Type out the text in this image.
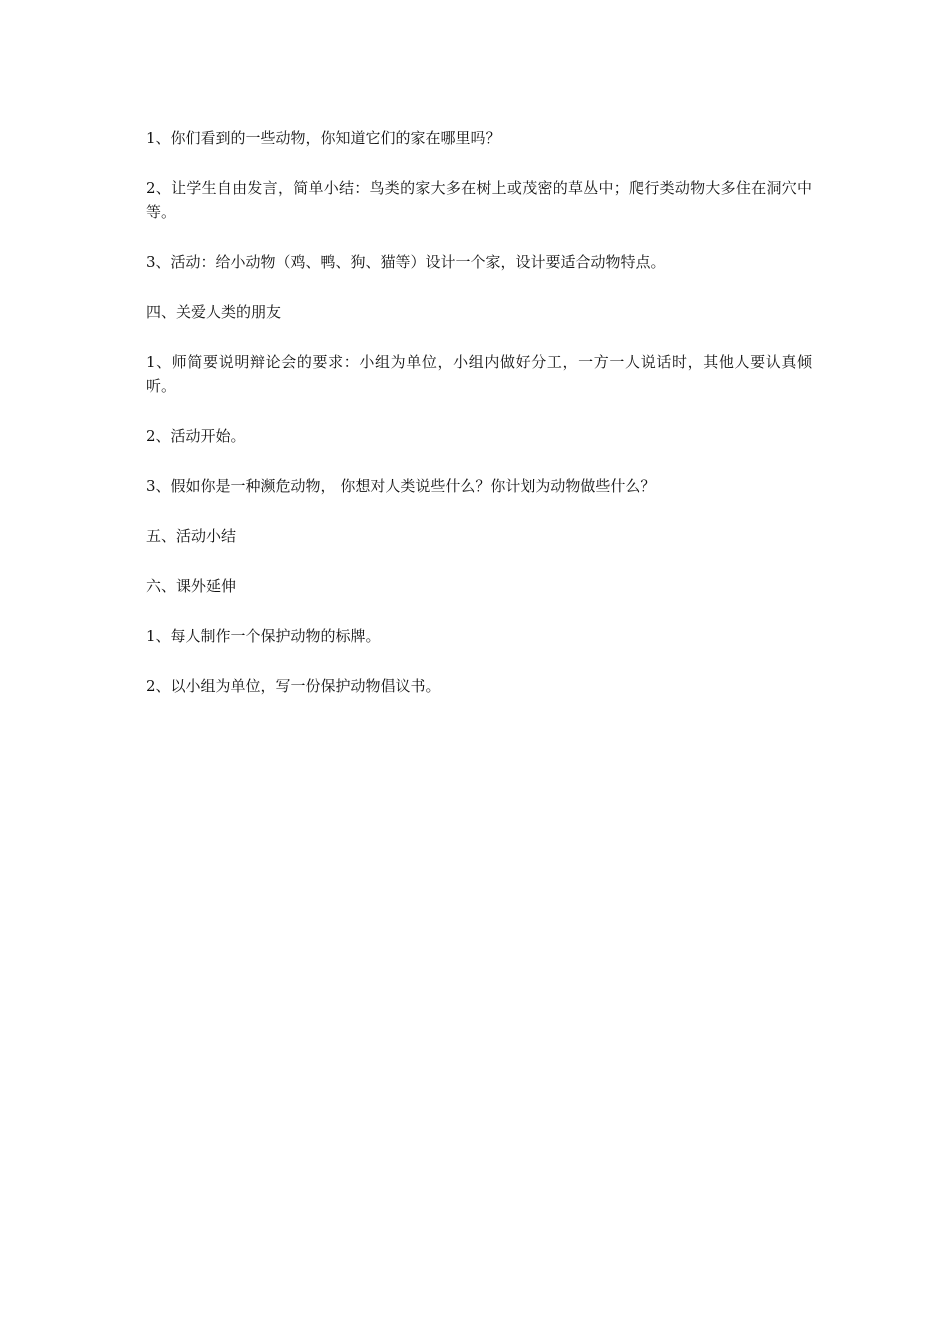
1、你们看到的一些动物，你知道它们的家在哪里吗？

2、让学生自由发言，简单小结：鸟类的家大多在树上或茂密的草丛中；爬行类动物大多住在洞穴中等。

3、活动：给小动物（鸡、鸭、狗、猫等）设计一个家，设计要适合动物特点。

四、关爱人类的朋友

1、师简要说明辩论会的要求：小组为单位，小组内做好分工，一方一人说话时，其他人要认真倾听。

2、活动开始。

3、假如你是一种濒危动物， 你想对人类说些什么？你计划为动物做些什么？

五、活动小结

六、课外延伸

1、每人制作一个保护动物的标牌。

2、以小组为单位，写一份保护动物倡议书。
